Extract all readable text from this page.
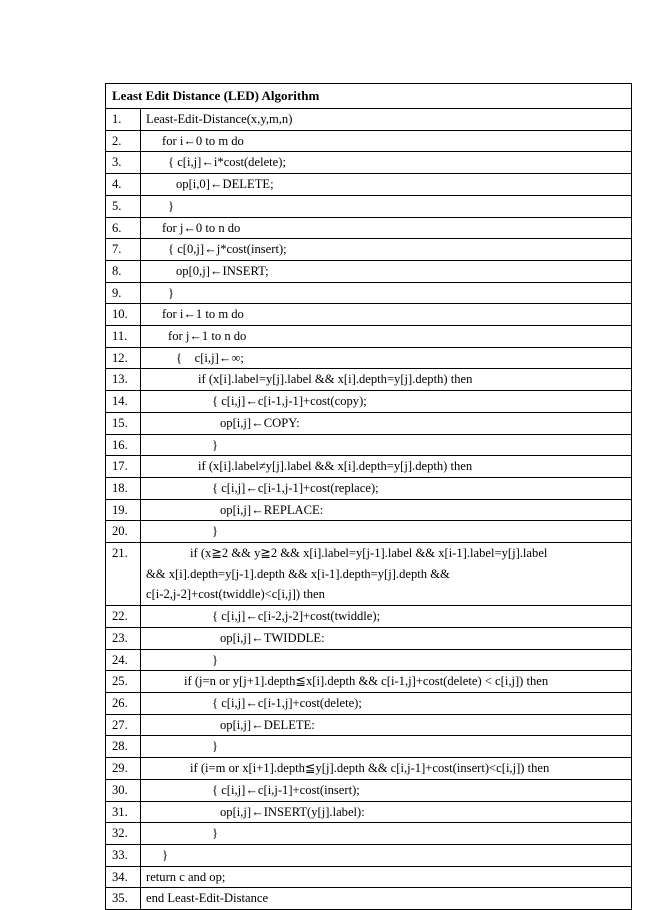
Least Edit Distance (LED) Algorithm
1.	Least-Edit-Distance(x,y,m,n)
2.	for i←0 to m do
3.	{ c[i,j]←i*cost(delete);
4.	op[i,0]←DELETE;
5.	}
6.	for j←0 to n do
7.	{ c[0,j]←j*cost(insert);
8.	op[0,j]←INSERT;
9.	}
10.	for i←1 to m do
11.	for j←1 to n do
12.	{    c[i,j]←∞;
13.	if (x[i].label=y[j].label && x[i].depth=y[j].depth) then
14.	{ c[i,j]←c[i-1,j-1]+cost(copy);
15.	op[i,j]←COPY:
16.	}
17.	if (x[i].label≠y[j].label && x[i].depth=y[j].depth) then
18.	{ c[i,j]←c[i-1,j-1]+cost(replace);
19.	op[i,j]←REPLACE:
20.	}
21.	if (x≧2 && y≧2 && x[i].label=y[j-1].label && x[i-1].label=y[j].label
&& x[i].depth=y[j-1].depth && x[i-1].depth=y[j].depth &&
c[i-2,j-2]+cost(twiddle)<c[i,j]) then
22.	{ c[i,j]←c[i-2,j-2]+cost(twiddle);
23.	op[i,j]←TWIDDLE:
24.	}
25.	if (j=n or y[j+1].depth≦x[i].depth && c[i-1,j]+cost(delete) < c[i,j]) then
26.	{ c[i,j]←c[i-1,j]+cost(delete);
27.	op[i,j]←DELETE:
28.	}
29.	if (i=m or x[i+1].depth≦y[j].depth && c[i,j-1]+cost(insert)<c[i,j]) then
30.	{ c[i,j]←c[i,j-1]+cost(insert);
31.	op[i,j]←INSERT(y[j].label):
32.	}
33.	}
34.	return c and op;
35.	end Least-Edit-Distance
